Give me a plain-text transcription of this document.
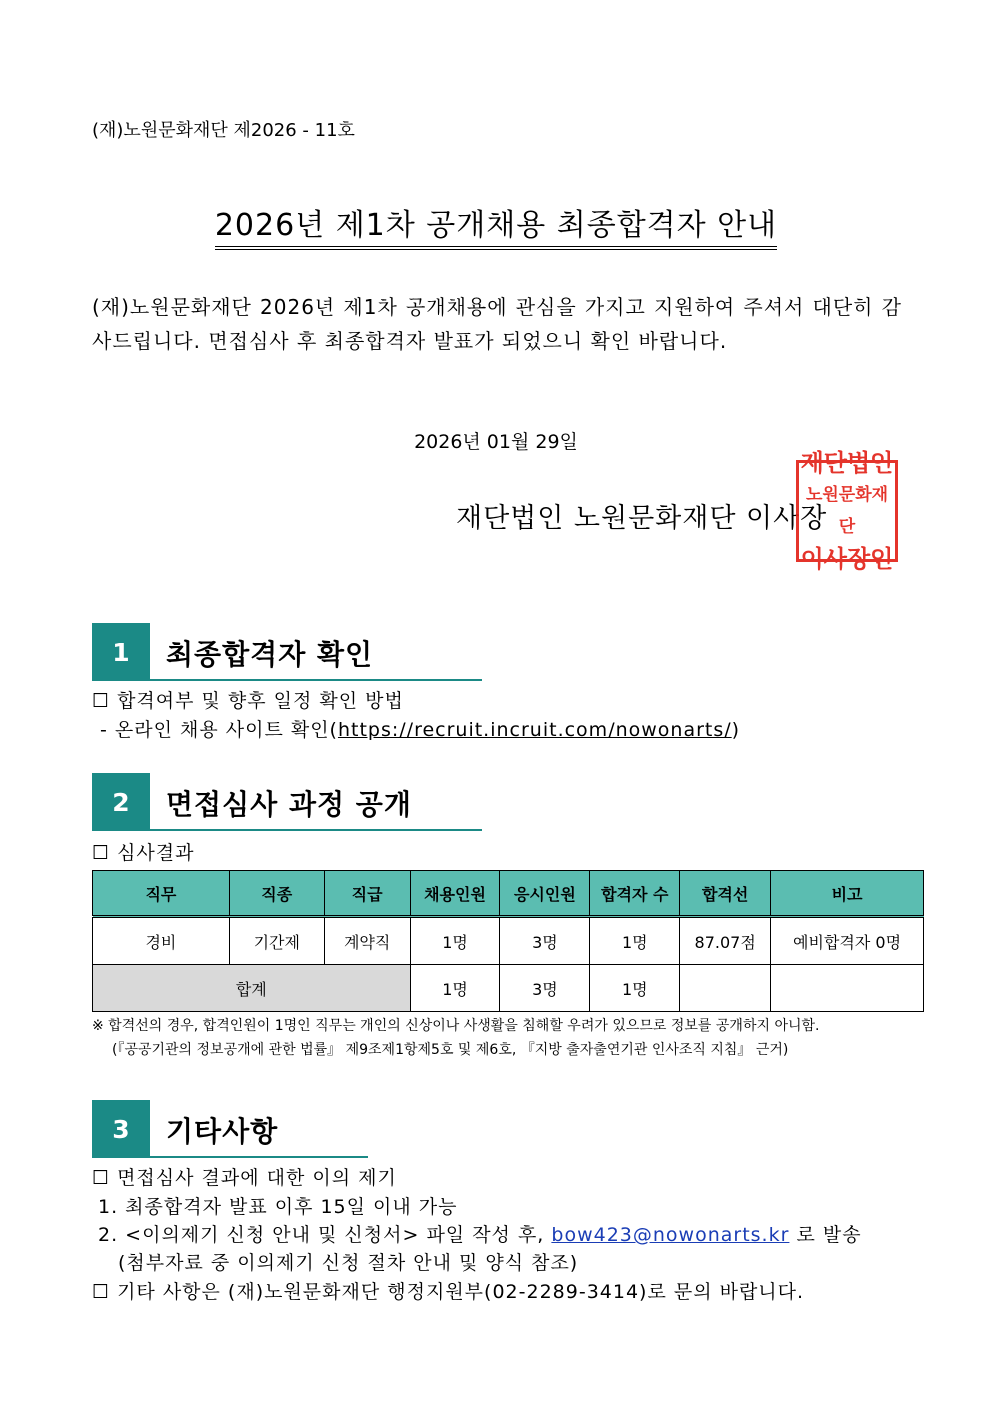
(재)노원문화재단 제2026 - 11호
2026년 제1차 공개채용 최종합격자 안내
(재)노원문화재단 2026년 제1차 공개채용에 관심을 가지고 지원하여 주셔서 대단히 감사드립니다. 면접심사 후 최종합격자 발표가 되었으니 확인 바랍니다.
2026년 01월 29일
재단법인 노원문화재단 이사장
재단법인
노원문화재단
이사장인
1	최종합격자 확인
☐ 합격여부 및 향후 일정 확인 방법
- 온라인 채용 사이트 확인(https://recruit.incruit.com/nowonarts/)
2	면접심사 과정 공개
☐ 심사결과
직무	직종	직급	채용인원	응시인원	합격자 수	합격선	비고
경비	기간제	계약직	1명	3명	1명	87.07점	예비합격자 0명
합계			1명	3명	1명		
※ 합격선의 경우, 합격인원이 1명인 직무는 개인의 신상이나 사생활을 침해할 우려가 있으므로 정보를 공개하지 아니함.
(『공공기관의 정보공개에 관한 법률』 제9조제1항제5호 및 제6호, 『지방 출자출연기관 인사조직 지침』 근거)
3	기타사항
☐ 면접심사 결과에 대한 이의 제기
1. 최종합격자 발표 이후 15일 이내 가능
2. <이의제기 신청 안내 및 신청서> 파일 작성 후, bow423@nowonarts.kr 로 발송
(첨부자료 중 이의제기 신청 절차 안내 및 양식 참조)
☐ 기타 사항은 (재)노원문화재단 행정지원부(02-2289-3414)로 문의 바랍니다.
